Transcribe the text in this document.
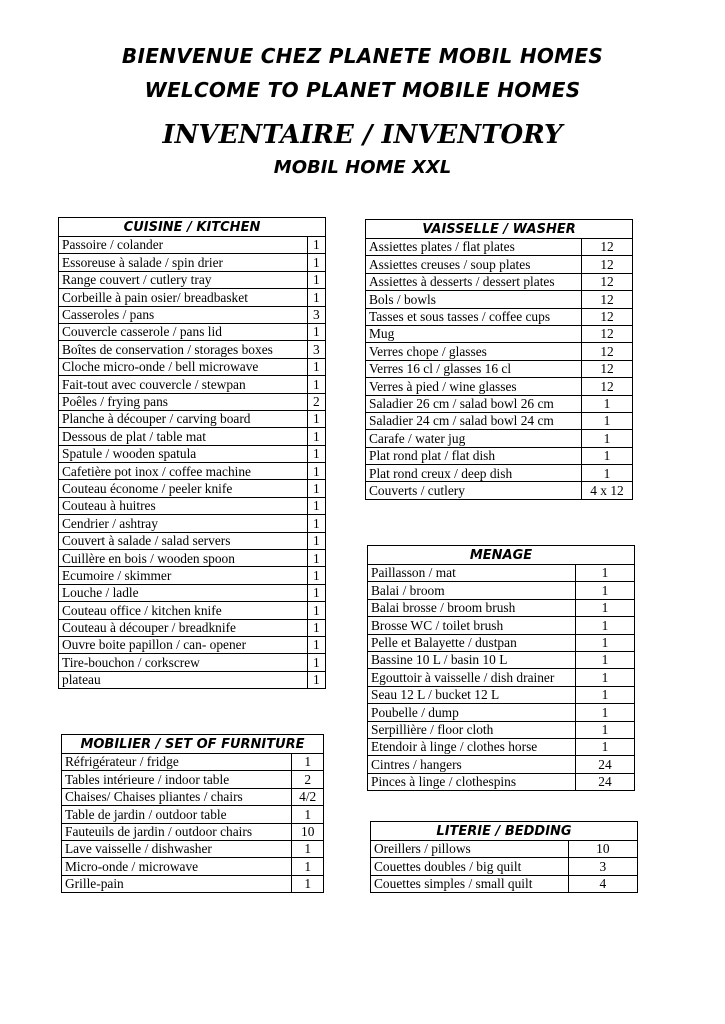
BIENVENUE CHEZ PLANETE MOBIL HOMES
WELCOME TO PLANET MOBILE HOMES
INVENTAIRE / INVENTORY
MOBIL HOME XXL
CUISINE / KITCHEN	
Passoire / colander	1
Essoreuse à salade / spin drier	1
Range couvert / cutlery tray	1
Corbeille à pain osier/ breadbasket	1
Casseroles / pans	3
Couvercle casserole / pans lid	1
Boîtes de conservation / storages boxes	3
Cloche micro-onde / bell microwave	1
Fait-tout avec couvercle / stewpan	1
Poêles / frying pans	2
Planche à découper / carving board	1
Dessous de plat / table mat	1
Spatule / wooden spatula	1
Cafetière pot inox / coffee machine	1
Couteau économe / peeler knife	1
Couteau à huitres	1
Cendrier / ashtray	1
Couvert à salade / salad servers	1
Cuillère en bois / wooden spoon	1
Ecumoire / skimmer	1
Louche / ladle	1
Couteau office / kitchen knife	1
Couteau à découper / breadknife	1
Ouvre boite papillon / can- opener	1
Tire-bouchon / corkscrew	1
plateau	1
VAISSELLE / WASHER	
Assiettes plates / flat plates	12
Assiettes creuses / soup plates	12
Assiettes à desserts / dessert plates	12
Bols / bowls	12
Tasses et sous tasses / coffee cups	12
Mug	12
Verres chope / glasses	12
Verres 16 cl / glasses 16 cl	12
Verres à pied / wine glasses	12
Saladier 26 cm / salad bowl 26 cm	1
Saladier 24 cm / salad bowl 24 cm	1
Carafe / water jug	1
Plat rond plat / flat dish	1
Plat rond creux / deep dish	1
Couverts / cutlery	4 x 12
MENAGE	
Paillasson / mat	1
Balai / broom	1
Balai brosse / broom brush	1
Brosse WC / toilet brush	1
Pelle et Balayette / dustpan	1
Bassine 10 L / basin 10 L	1
Egouttoir à vaisselle / dish drainer	1
Seau 12 L / bucket 12 L	1
Poubelle / dump	1
Serpillière / floor cloth	1
Etendoir à linge / clothes horse	1
Cintres / hangers	24
Pinces à linge / clothespins	24
MOBILIER / SET OF FURNITURE	
Réfrigérateur / fridge	1
Tables intérieure / indoor table	2
Chaises/ Chaises pliantes / chairs	4/2
Table de jardin / outdoor table	1
Fauteuils de jardin / outdoor chairs	10
Lave vaisselle / dishwasher	1
Micro-onde / microwave	1
Grille-pain	1
LITERIE / BEDDING	
Oreillers / pillows	10
Couettes doubles / big quilt	3
Couettes simples / small quilt	4
